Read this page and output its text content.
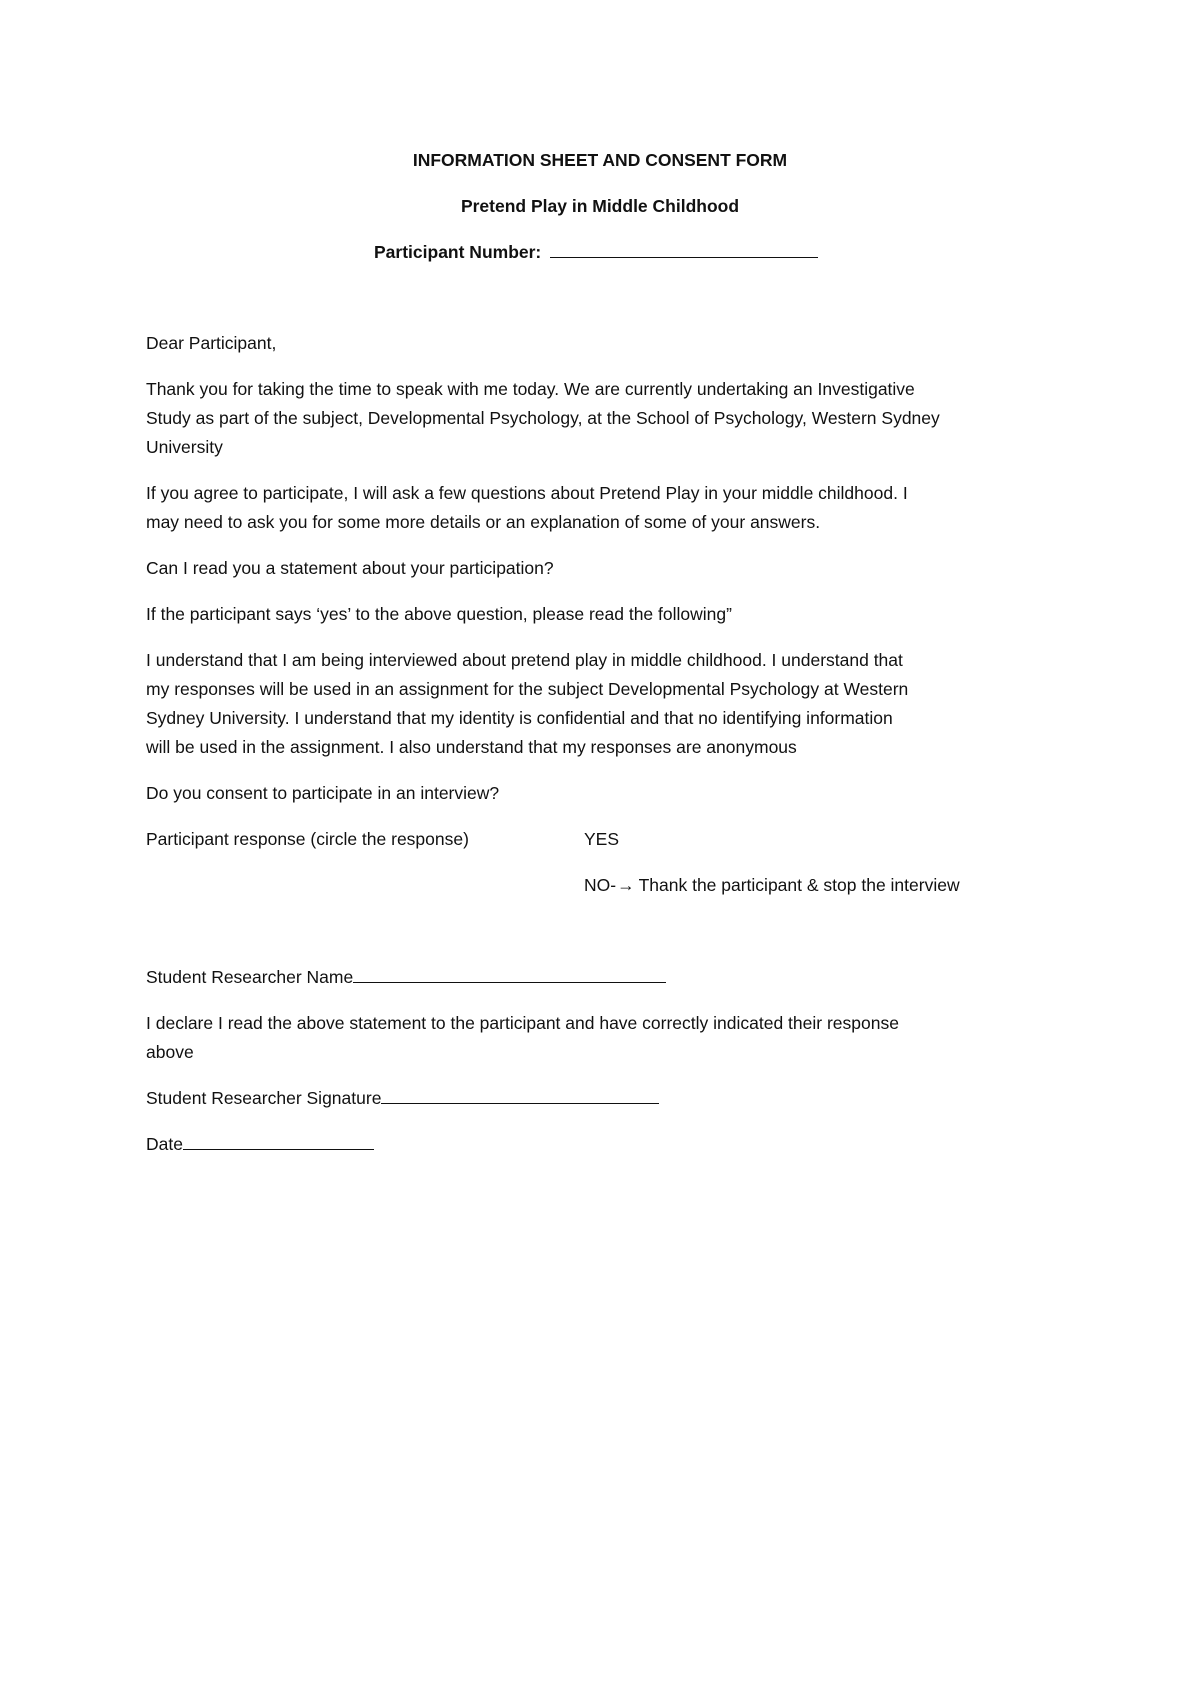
INFORMATION SHEET AND CONSENT FORM

Pretend Play in Middle Childhood

Participant Number:

Dear Participant,

Thank you for taking the time to speak with me today. We are currently undertaking an Investigative

Study as part of the subject, Developmental Psychology, at the School of Psychology, Western Sydney

University

If you agree to participate, I will ask a few questions about Pretend Play in your middle childhood. I

may need to ask you for some more details or an explanation of some of your answers.

Can I read you a statement about your participation?

If the participant says ‘yes’ to the above question, please read the following”

I understand that I am being interviewed about pretend play in middle childhood. I understand that

my responses will be used in an assignment for the subject Developmental Psychology at Western

Sydney University. I understand that my identity is confidential and that no identifying information

will be used in the assignment. I also understand that my responses are anonymous

Do you consent to participate in an interview?

Participant response (circle the response)	YES

NO-→ Thank the participant & stop the interview

Student Researcher Name

I declare I read the above statement to the participant and have correctly indicated their response

above

Student Researcher Signature

Date
